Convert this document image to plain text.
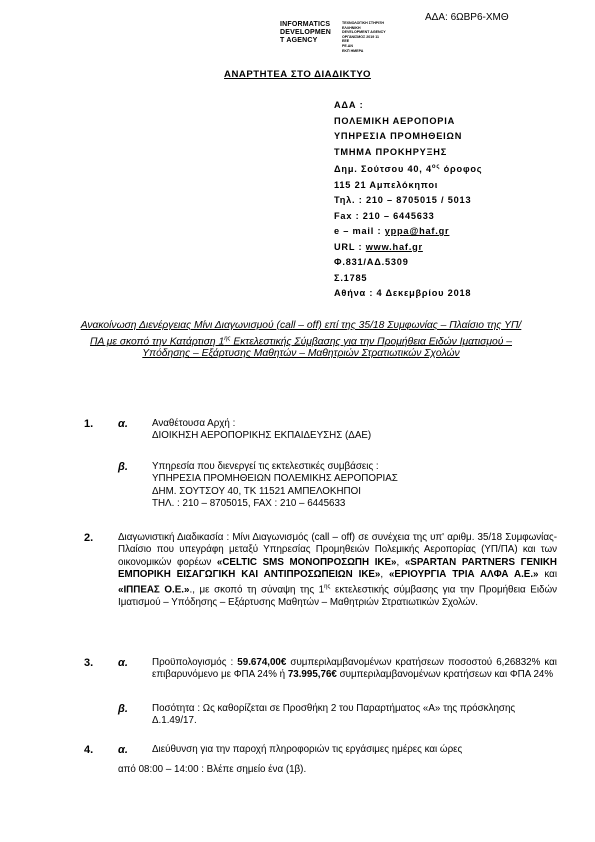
ΑΔΑ: 6ΩΒΡ6-ΧΜΘ
INFORMATICS
DEVELOPMEN
T AGENCY
ΤΕΧΝΟΛΟΓΙΚΗ ΣΤΗΡΙΞΗ
ΕΛΛΗΝΙΚΗ
DEVELOPMENT AGENCY
ΟΡΓΑΝΙΣΜΟΣ 2019 11
ΕΕΕ
ΡΕ.ΑΝ
ΕΚΠ ΗΜΕΡΑ
ΑΝΑΡΤΗΤΕΑ ΣΤΟ ΔΙΑΔΙΚΤΥΟ
ΑΔΑ :
ΠΟΛΕΜΙΚΗ ΑΕΡΟΠΟΡΙΑ
ΥΠΗΡΕΣΙΑ ΠΡΟΜΗΘΕΙΩΝ
ΤΜΗΜΑ ΠΡΟΚΗΡΥΞΗΣ
Δημ. Σούτσου 40, $4^{o\varsigma}$ όροφος
115 21 Αμπελόκηποι
Τηλ. : 210 – 8705015 / 5013
Fax : 210 – 6445633
e – mail : yppa@haf.gr
URL : www.haf.gr
Φ.831/ΑΔ.5309
Σ.1785
Αθήνα : 4 Δεκεμβρίου 2018
Ανακοίνωση Διενέργειας Μίνι Διαγωνισμού (call – off) επί της 35/18 Συμφωνίας – Πλαίσιο της ΥΠ/ΠΑ με σκοπό την Κατάρτιση $1^{\eta\varsigma}$ Εκτελεστικής Σύμβασης για την Προμήθεια Ειδών Ιματισμού – Υπόδησης – Εξάρτυσης Μαθητών – Μαθητριών Στρατιωτικών Σχολών
1. α. Αναθέτουσα Αρχή :
ΔΙΟΙΚΗΣΗ ΑΕΡΟΠΟΡΙΚΗΣ ΕΚΠΑΙΔΕΥΣΗΣ (ΔΑΕ)
β. Υπηρεσία που διενεργεί τις εκτελεστικές συμβάσεις :
ΥΠΗΡΕΣΙΑ ΠΡΟΜΗΘΕΙΩΝ ΠΟΛΕΜΙΚΗΣ ΑΕΡΟΠΟΡΙΑΣ
ΔΗΜ. ΣΟΥΤΣΟΥ 40, ΤΚ 11521 ΑΜΠΕΛΟΚΗΠΟΙ
ΤΗΛ. : 210 – 8705015, FAX : 210 – 6445633
2.	Διαγωνιστική Διαδικασία : Μίνι Διαγωνισμός (call – off) σε συνέχεια της υπ' αριθμ. 35/18 Συμφωνίας-Πλαίσιο που υπεγράφη μεταξύ Υπηρεσίας Προμηθειών Πολεμικής Αεροπορίας (ΥΠ/ΠΑ) και των οικονομικών φορέων «CELTIC SMS ΜΟΝΟΠΡΟΣΩΠΗ ΙΚΕ», «SPARTAN PARTNERS ΓΕΝΙΚΗ ΕΜΠΟΡΙΚΗ ΕΙΣΑΓΩΓΙΚΗ ΚΑΙ ΑΝΤΙΠΡΟΣΩΠΕΙΩΝ ΙΚΕ», «ΕΡΙΟΥΡΓΙΑ ΤΡΙΑ ΑΛΦΑ Α.Ε.» και «ΙΠΠΕΑΣ Ο.Ε.»., με σκοπό τη σύναψη της $1^{\eta\varsigma}$ εκτελεστικής σύμβασης για την Προμήθεια Ειδών Ιματισμού – Υπόδησης – Εξάρτυσης Μαθητών – Μαθητριών Στρατιωτικών Σχολών.
3. α. Προϋπολογισμός : 59.674,00€ συμπεριλαμβανομένων κρατήσεων ποσοστού 6,26832% και επιβαρυνόμενο με ΦΠΑ 24% ή 73.995,76€ συμπεριλαμβανομένων κρατήσεων και ΦΠΑ 24%
β. Ποσότητα : Ως καθορίζεται σε Προσθήκη 2 του Παραρτήματος «Α» της πρόσκλησης Δ.1.49/17.
4. α. Διεύθυνση για την παροχή πληροφοριών τις εργάσιμες ημέρες και ώρες
από 08:00 – 14:00 : Βλέπε σημείο ένα (1β).
